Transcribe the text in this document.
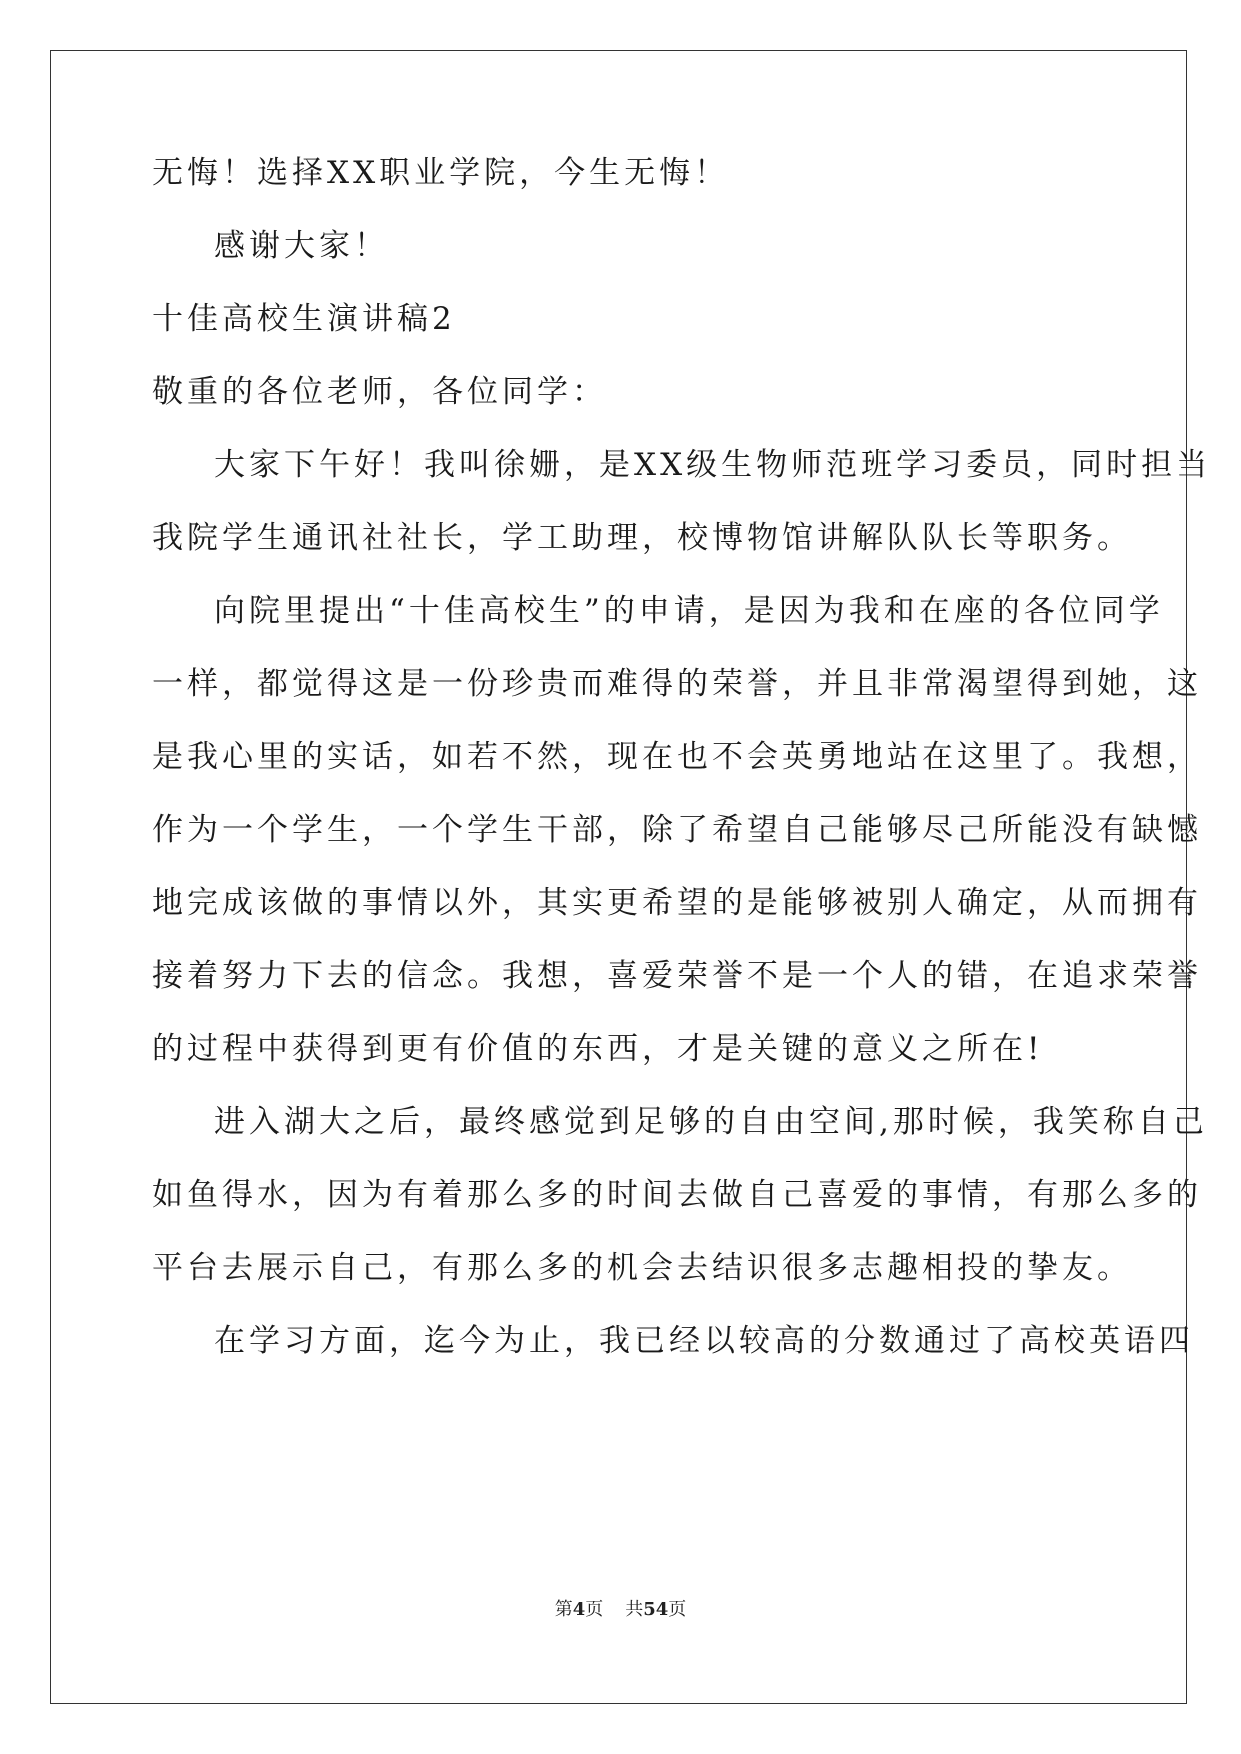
无悔！选择XX职业学院，今生无悔！
感谢大家！
十佳高校生演讲稿2
敬重的各位老师，各位同学：
大家下午好！我叫徐姗，是XX级生物师范班学习委员，同时担当
我院学生通讯社社长，学工助理，校博物馆讲解队队长等职务。
向院里提出“十佳高校生”的申请，是因为我和在座的各位同学
一样，都觉得这是一份珍贵而难得的荣誉，并且非常渴望得到她，这
是我心里的实话，如若不然，现在也不会英勇地站在这里了。我想，
作为一个学生，一个学生干部，除了希望自己能够尽己所能没有缺憾
地完成该做的事情以外，其实更希望的是能够被别人确定，从而拥有
接着努力下去的信念。我想，喜爱荣誉不是一个人的错，在追求荣誉
的过程中获得到更有价值的东西，才是关键的意义之所在!
进入湖大之后，最终感觉到足够的自由空间,那时候，我笑称自己
如鱼得水，因为有着那么多的时间去做自己喜爱的事情，有那么多的
平台去展示自己，有那么多的机会去结识很多志趣相投的挚友。
在学习方面，迄今为止，我已经以较高的分数通过了高校英语四
第4页 共54页
